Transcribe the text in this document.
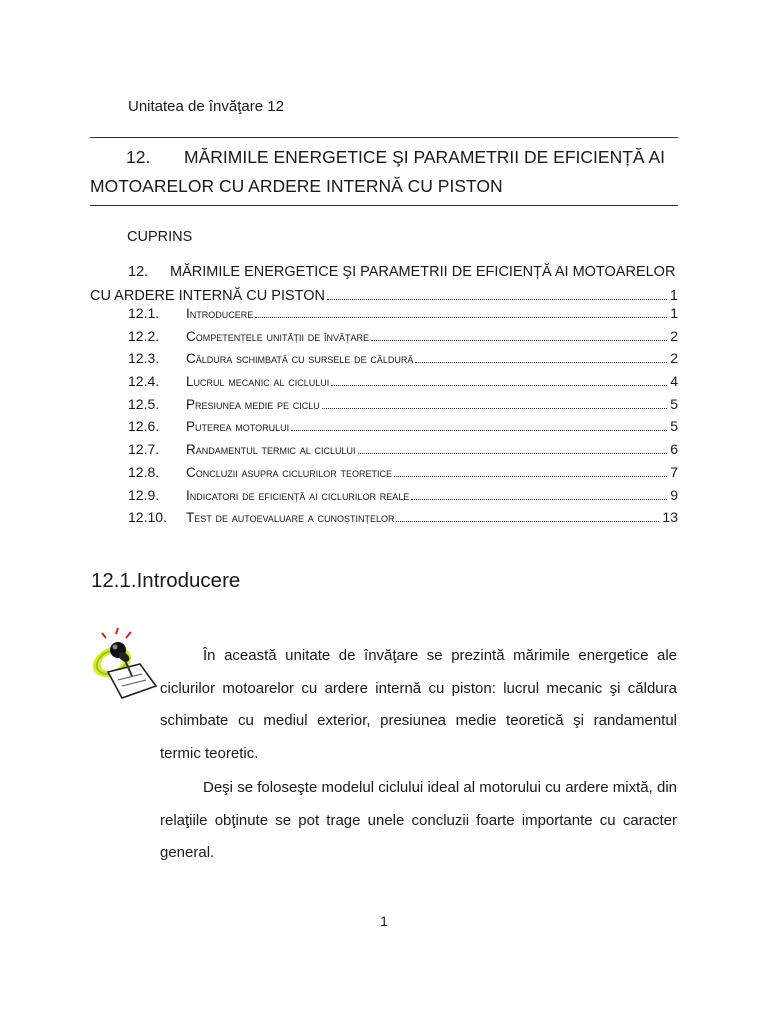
Unitatea de învăţare 12
12. MĂRIMILE ENERGETICE ŞI PARAMETRII DE EFICIENȚĂ AI
MOTOARELOR CU ARDERE INTERNĂ CU PISTON
CUPRINS
12. MĂRIMILE ENERGETICE ŞI PARAMETRII DE EFICIENȚĂ AI MOTOARELOR
CU ARDERE INTERNĂ CU PISTON	1
12.1.	Introducere	1
12.2.	Competențele unității de învățare	2
12.3.	Căldura schimbată cu sursele de căldură	2
12.4.	Lucrul mecanic al ciclului	4
12.5.	Presiunea medie pe ciclu	5
12.6.	Puterea motorului	5
12.7.	Randamentul termic al ciclului	6
12.8.	Concluzii asupra ciclurilor teoretice	7
12.9.	Indicatori de eficiență ai ciclurilor reale	9
12.10.	Test de autoevaluare a cunoștințelor	13
12.1.Introducere

În această unitate de învăţare se prezintă mărimile energetice ale ciclurilor motoarelor cu ardere internă cu piston: lucrul mecanic şi căldura schimbate cu mediul exterior, presiunea medie teoretică şi randamentul termic teoretic.

Deşi se foloseşte modelul ciclului ideal al motorului cu ardere mixtă, din relaţiile obţinute se pot trage unele concluzii foarte importante cu caracter general.

1
